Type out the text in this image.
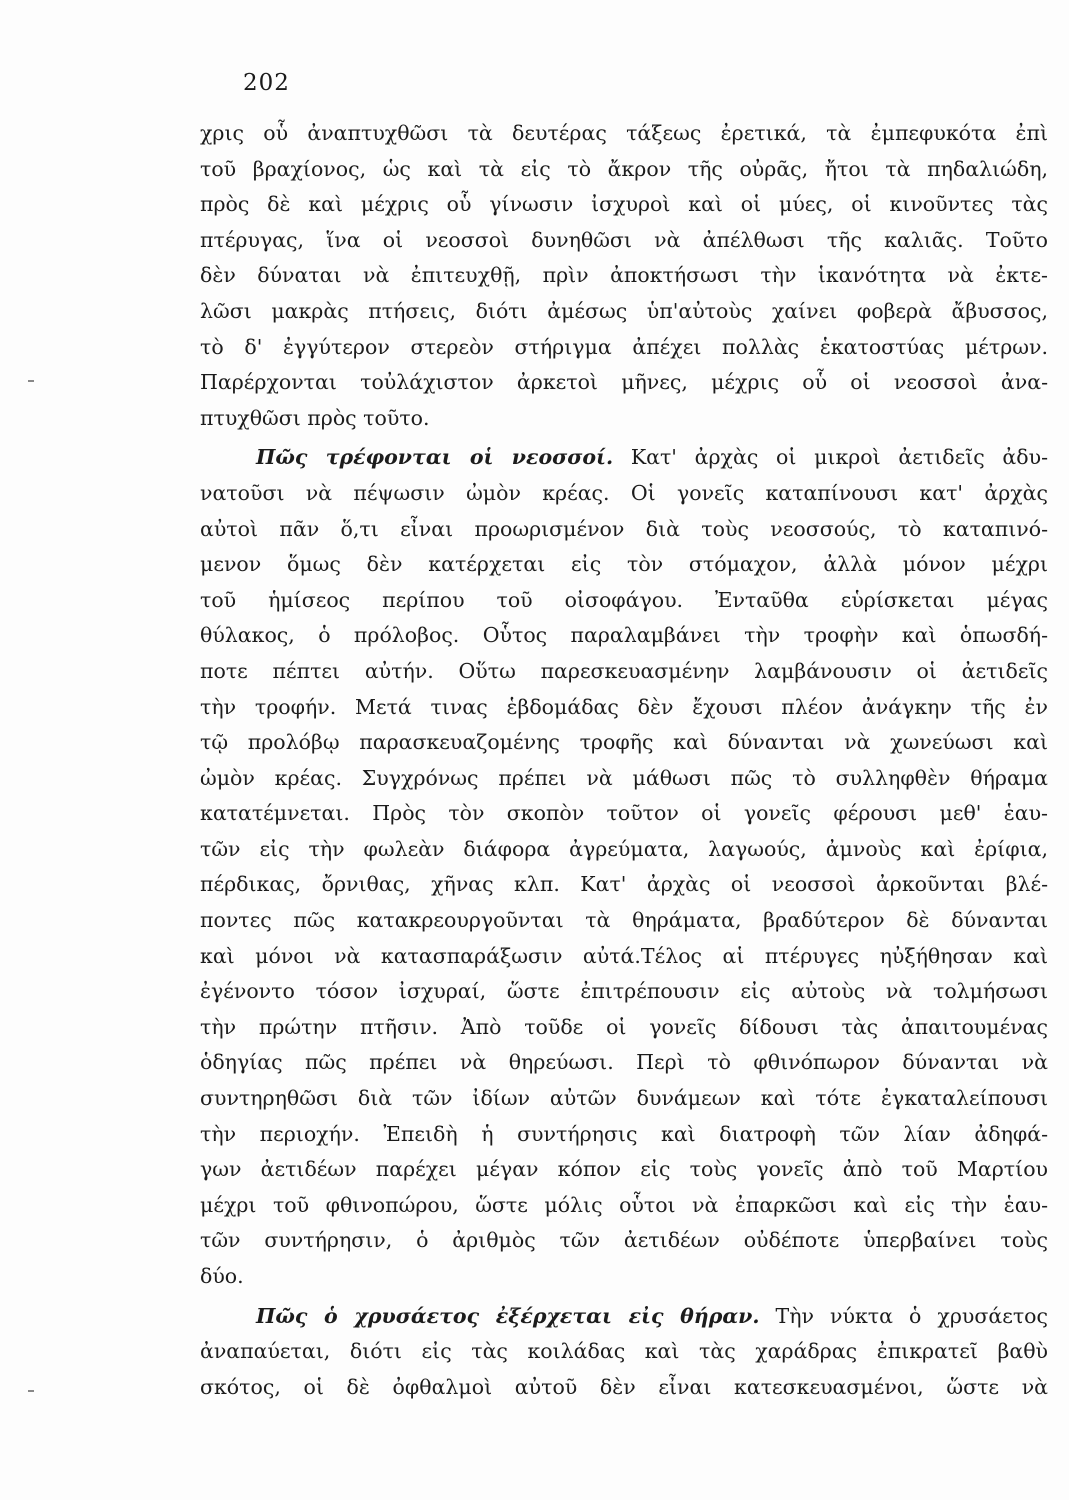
202
χρις οὗ ἀναπτυχθῶσι τὰ δευτέρας τάξεως ἐρετικά, τὰ ἐμπεφυκότα ἐπὶ
τοῦ βραχίονος, ὡς καὶ τὰ εἰς τὸ ἄκρον τῆς οὐρᾶς, ἤτοι τὰ πηδαλιώδη,
πρὸς δὲ καὶ μέχρις οὗ γίνωσιν ἰσχυροὶ καὶ οἱ μύες, οἱ κινοῦντες τὰς
πτέρυγας, ἵνα οἱ νεοσσοὶ δυνηθῶσι νὰ ἀπέλθωσι τῆς καλιᾶς. Τοῦτο
δὲν δύναται νὰ ἐπιτευχθῇ, πρὶν ἀποκτήσωσι τὴν ἱκανότητα νὰ ἐκτε-
λῶσι μακρὰς πτήσεις, διότι ἀμέσως ὑπ'αὐτοὺς χαίνει φοβερὰ ἄβυσσος,
τὸ δ' ἐγγύτερον στερεὸν στήριγμα ἀπέχει πολλὰς ἑκατοστύας μέτρων.
Παρέρχονται τοὐλάχιστον ἀρκετοὶ μῆνες, μέχρις οὗ οἱ νεοσσοὶ ἀνα-
πτυχθῶσι πρὸς τοῦτο.
Πῶς τρέφονται οἱ νεοσσοί. Κατ' ἀρχὰς οἱ μικροὶ ἀετιδεῖς ἀδυ-
νατοῦσι νὰ πέψωσιν ὠμὸν κρέας. Οἱ γονεῖς καταπίνουσι κατ' ἀρχὰς
αὐτοὶ πᾶν ὅ,τι εἶναι προωρισμένον διὰ τοὺς νεοσσούς, τὸ καταπινό-
μενον ὅμως δὲν κατέρχεται εἰς τὸν στόμαχον, ἀλλὰ μόνον μέχρι
τοῦ ἡμίσεος περίπου τοῦ οἰσοφάγου. Ἐνταῦθα εὑρίσκεται μέγας
θύλακος, ὁ πρόλοβος. Οὗτος παραλαμβάνει τὴν τροφὴν καὶ ὁπωσδή-
ποτε πέπτει αὐτήν. Οὕτω παρεσκευασμένην λαμβάνουσιν οἱ ἀετιδεῖς
τὴν τροφήν. Μετά τινας ἑβδομάδας δὲν ἔχουσι πλέον ἀνάγκην τῆς ἐν
τῷ προλόβῳ παρασκευαζομένης τροφῆς καὶ δύνανται νὰ χωνεύωσι καὶ
ὠμὸν κρέας. Συγχρόνως πρέπει νὰ μάθωσι πῶς τὸ συλληφθὲν θήραμα
κατατέμνεται. Πρὸς τὸν σκοπὸν τοῦτον οἱ γονεῖς φέρουσι μεθ' ἑαυ-
τῶν εἰς τὴν φωλεὰν διάφορα ἀγρεύματα, λαγωούς, ἀμνοὺς καὶ ἐρίφια,
πέρδικας, ὄρνιθας, χῆνας κλπ. Κατ' ἀρχὰς οἱ νεοσσοὶ ἀρκοῦνται βλέ-
ποντες πῶς κατακρεουργοῦνται τὰ θηράματα, βραδύτερον δὲ δύνανται
καὶ μόνοι νὰ κατασπαράξωσιν αὐτά.Τέλος αἱ πτέρυγες ηὐξήθησαν καὶ
ἐγένοντο τόσον ἰσχυραί, ὥστε ἐπιτρέπουσιν εἰς αὐτοὺς νὰ τολμήσωσι
τὴν πρώτην πτῆσιν. Ἀπὸ τοῦδε οἱ γονεῖς δίδουσι τὰς ἀπαιτουμένας
ὁδηγίας πῶς πρέπει νὰ θηρεύωσι. Περὶ τὸ φθινόπωρον δύνανται νὰ
συντηρηθῶσι διὰ τῶν ἰδίων αὐτῶν δυνάμεων καὶ τότε ἐγκαταλείπουσι
τὴν περιοχήν. Ἐπειδὴ ἡ συντήρησις καὶ διατροφὴ τῶν λίαν ἀδηφά-
γων ἀετιδέων παρέχει μέγαν κόπον εἰς τοὺς γονεῖς ἀπὸ τοῦ Μαρτίου
μέχρι τοῦ φθινοπώρου, ὥστε μόλις οὗτοι νὰ ἐπαρκῶσι καὶ εἰς τὴν ἑαυ-
τῶν συντήρησιν, ὁ ἀριθμὸς τῶν ἀετιδέων οὐδέποτε ὑπερβαίνει τοὺς
δύο.
Πῶς ὁ χρυσάετος ἐξέρχεται εἰς θήραν. Τὴν νύκτα ὁ χρυσάετος
ἀναπαύεται, διότι εἰς τὰς κοιλάδας καὶ τὰς χαράδρας ἐπικρατεῖ βαθὺ
σκότος, οἱ δὲ ὀφθαλμοὶ αὐτοῦ δὲν εἶναι κατεσκευασμένοι, ὥστε νὰ
